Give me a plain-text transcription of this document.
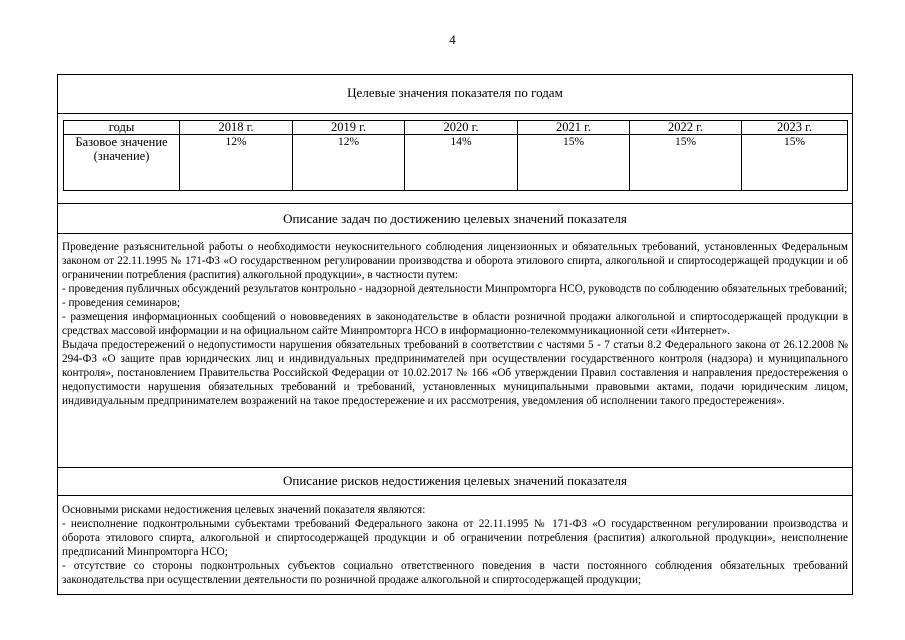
4
Целевые значения показателя по годам
годы	2018 г.	2019 г.	2020 г.	2021 г.	2022 г.	2023 г.
Базовое значение (значение)	12%	12%	14%	15%	15%	15%
Описание задач по достижению целевых значений показателя

Проведение разъяснительной работы о необходимости неукоснительного соблюдения лицензионных и обязательных требований, установленных Федеральным законом от 22.11.1995 № 171-ФЗ «О государственном регулировании производства и оборота этилового спирта, алкогольной и спиртосодержащей продукции и об ограничении потребления (распития) алкогольной продукции», в частности путем:

- проведения публичных обсуждений результатов контрольно - надзорной деятельности Минпромторга НСО, руководств по соблюдению обязательных требований;

- проведения семинаров;

- размещения информационных сообщений о нововведениях в законодательстве в области розничной продажи алкогольной и спиртосодержащей продукции в средствах массовой информации и на официальном сайте Минпромторга НСО в информационно-телекоммуникационной сети «Интернет».

Выдача предостережений о недопустимости нарушения обязательных требований в соответствии с частями 5 - 7 статьи 8.2 Федерального закона от 26.12.2008 № 294-ФЗ «О защите прав юридических лиц и индивидуальных предпринимателей при осуществлении государственного контроля (надзора) и муниципального контроля», постановлением Правительства Российской Федерации от 10.02.2017 № 166 «Об утверждении Правил составления и направления предостережения о недопустимости нарушения обязательных требований и требований, установленных муниципальными правовыми актами, подачи юридическим лицом, индивидуальным предпринимателем возражений на такое предостережение и их рассмотрения, уведомления об исполнении такого предостережения».

Описание рисков недостижения целевых значений показателя

Основными рисками недостижения целевых значений показателя являются:

- неисполнение подконтрольными субъектами требований Федерального закона от 22.11.1995 № 171-ФЗ «О государственном регулировании производства и оборота этилового спирта, алкогольной и спиртосодержащей продукции и об ограничении потребления (распития) алкогольной продукции», неисполнение предписаний Минпромторга НСО;

- отсутствие со стороны подконтрольных субъектов социально ответственного поведения в части постоянного соблюдения обязательных требований законодательства при осуществлении деятельности по розничной продаже алкогольной и спиртосодержащей продукции;
